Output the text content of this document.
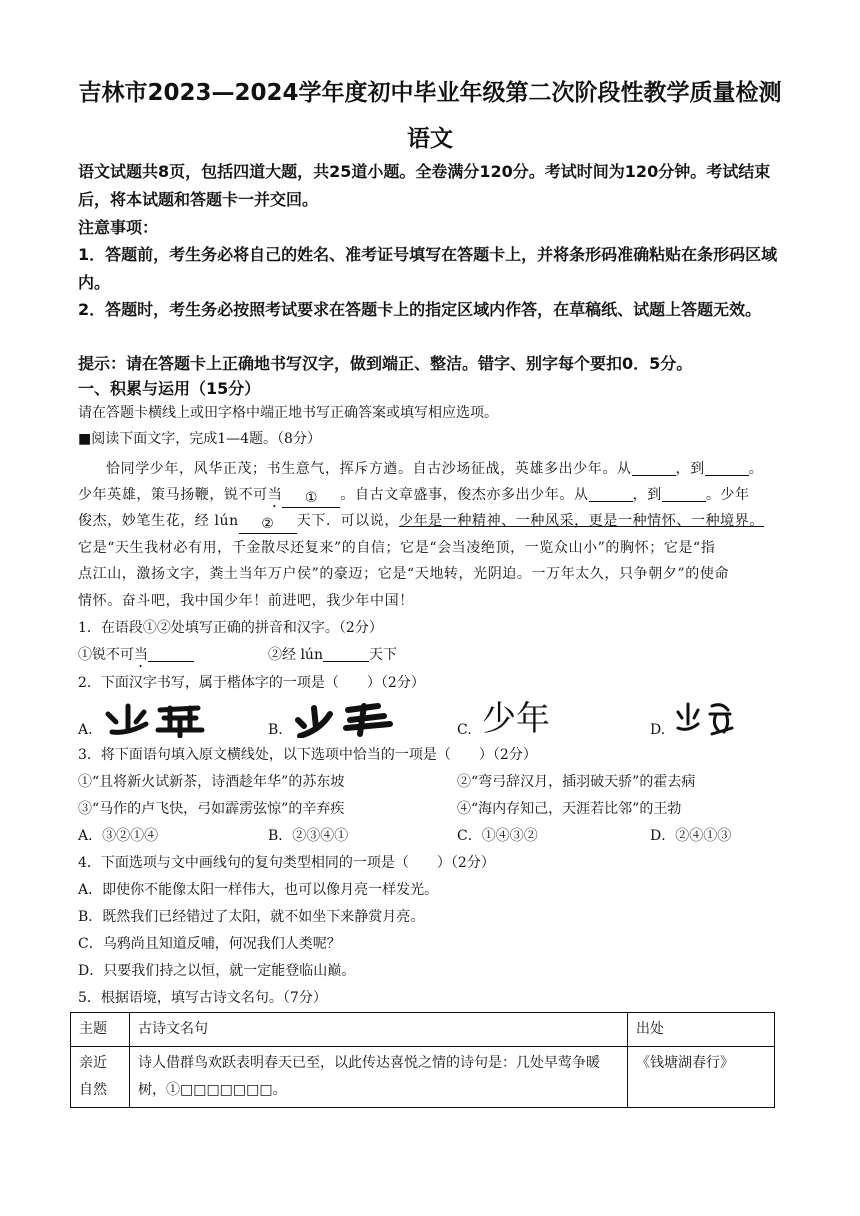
吉林市2023—2024学年度初中毕业年级第二次阶段性教学质量检测
语文
语文试题共8页，包括四道大题，共25道小题。全卷满分120分。考试时间为120分钟。考试结束后，将本试题和答题卡一并交回。
注意事项：
1．答题前，考生务必将自己的姓名、准考证号填写在答题卡上，并将条形码准确粘贴在条形码区域内。
2．答题时，考生务必按照考试要求在答题卡上的指定区域内作答，在草稿纸、试题上答题无效。
提示：请在答题卡上正确地书写汉字，做到端正、整洁。错字、别字每个要扣0．5分。
一、积累与运用（15分）
请在答题卡横线上或田字格中端正地书写正确答案或填写相应选项。
■阅读下面文字，完成1—4题。（8分）
恰同学少年，风华正茂；书生意气，挥斥方遒。自古沙场征战，英雄多出少年。从	，到	。
少年英雄，策马扬鞭，锐不可当 ① 。自古文章盛事，俊杰亦多出少年。从	，到	。少年
俊杰，妙笔生花，经 lún ② 天下．可以说，少年是一种精神、一种风采，更是一种情怀、一种境界。
它是“天生我材必有用，千金散尽还复来”的自信；它是“会当凌绝顶，一览众山小”的胸怀；它是“指
点江山，激扬文字，粪土当年万户侯”的豪迈；它是“天地转，光阴迫。一万年太久，只争朝夕”的使命
情怀。奋斗吧，我中国少年！前进吧，我少年中国！
1．在语段①②处填写正确的拼音和汉字。（2分）
①锐不可当	②经 lún	天下
2．下面汉字书写，属于楷体字的一项是（　　）（2分）
A.	B.	C. 少年	D.
3．将下面语句填入原文横线处，以下选项中恰当的一项是（　　）（2分）
①“且将新火试新茶，诗酒趁年华”的苏东坡	②“弯弓辞汉月，插羽破天骄”的霍去病
③“马作的卢飞快，弓如霹雳弦惊”的辛弃疾	④“海内存知己，天涯若比邻”的王勃
A．③②①④	B．②③④①	C．①④③②	D．②④①③
4．下面选项与文中画线句的复句类型相同的一项是（　　）（2分）
A．即使你不能像太阳一样伟大，也可以像月亮一样发光。
B．既然我们已经错过了太阳，就不如坐下来静赏月亮。
C．乌鸦尚且知道反哺，何况我们人类呢？
D．只要我们持之以恒，就一定能登临山巅。
5．根据语境，填写古诗文名句。（7分）
主题	古诗文名句	出处
亲近
自然	诗人借群鸟欢跃表明春天已至，以此传达喜悦之情的诗句是：几处早莺争暖树，①□□□□□□□。	《钱塘湖春行》
